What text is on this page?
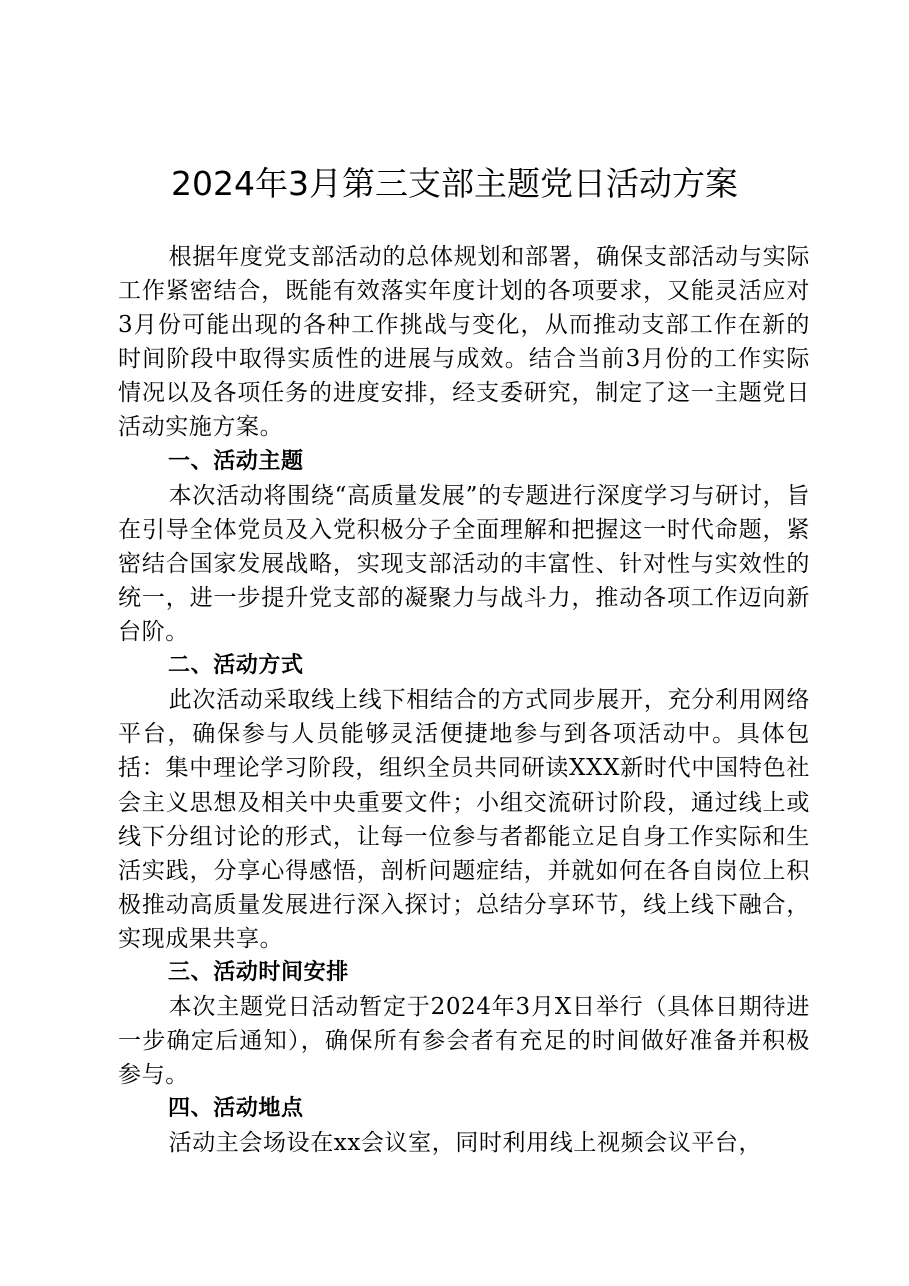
2024年3月第三支部主题党日活动方案

根据年度党支部活动的总体规划和部署，确保支部活动与实际工作紧密结合，既能有效落实年度计划的各项要求，又能灵活应对3月份可能出现的各种工作挑战与变化，从而推动支部工作在新的时间阶段中取得实质性的进展与成效。结合当前3月份的工作实际情况以及各项任务的进度安排，经支委研究，制定了这一主题党日活动实施方案。

一、活动主题

本次活动将围绕“高质量发展”的专题进行深度学习与研讨，旨在引导全体党员及入党积极分子全面理解和把握这一时代命题，紧密结合国家发展战略，实现支部活动的丰富性、针对性与实效性的统一，进一步提升党支部的凝聚力与战斗力，推动各项工作迈向新台阶。

二、活动方式

此次活动采取线上线下相结合的方式同步展开，充分利用网络平台，确保参与人员能够灵活便捷地参与到各项活动中。具体包括：集中理论学习阶段，组织全员共同研读XXX新时代中国特色社会主义思想及相关中央重要文件；小组交流研讨阶段，通过线上或线下分组讨论的形式，让每一位参与者都能立足自身工作实际和生活实践，分享心得感悟，剖析问题症结，并就如何在各自岗位上积极推动高质量发展进行深入探讨；总结分享环节，线上线下融合，实现成果共享。

三、活动时间安排

本次主题党日活动暂定于2024年3月X日举行（具体日期待进一步确定后通知），确保所有参会者有充足的时间做好准备并积极参与。

四、活动地点

活动主会场设在xx会议室，同时利用线上视频会议平台，
